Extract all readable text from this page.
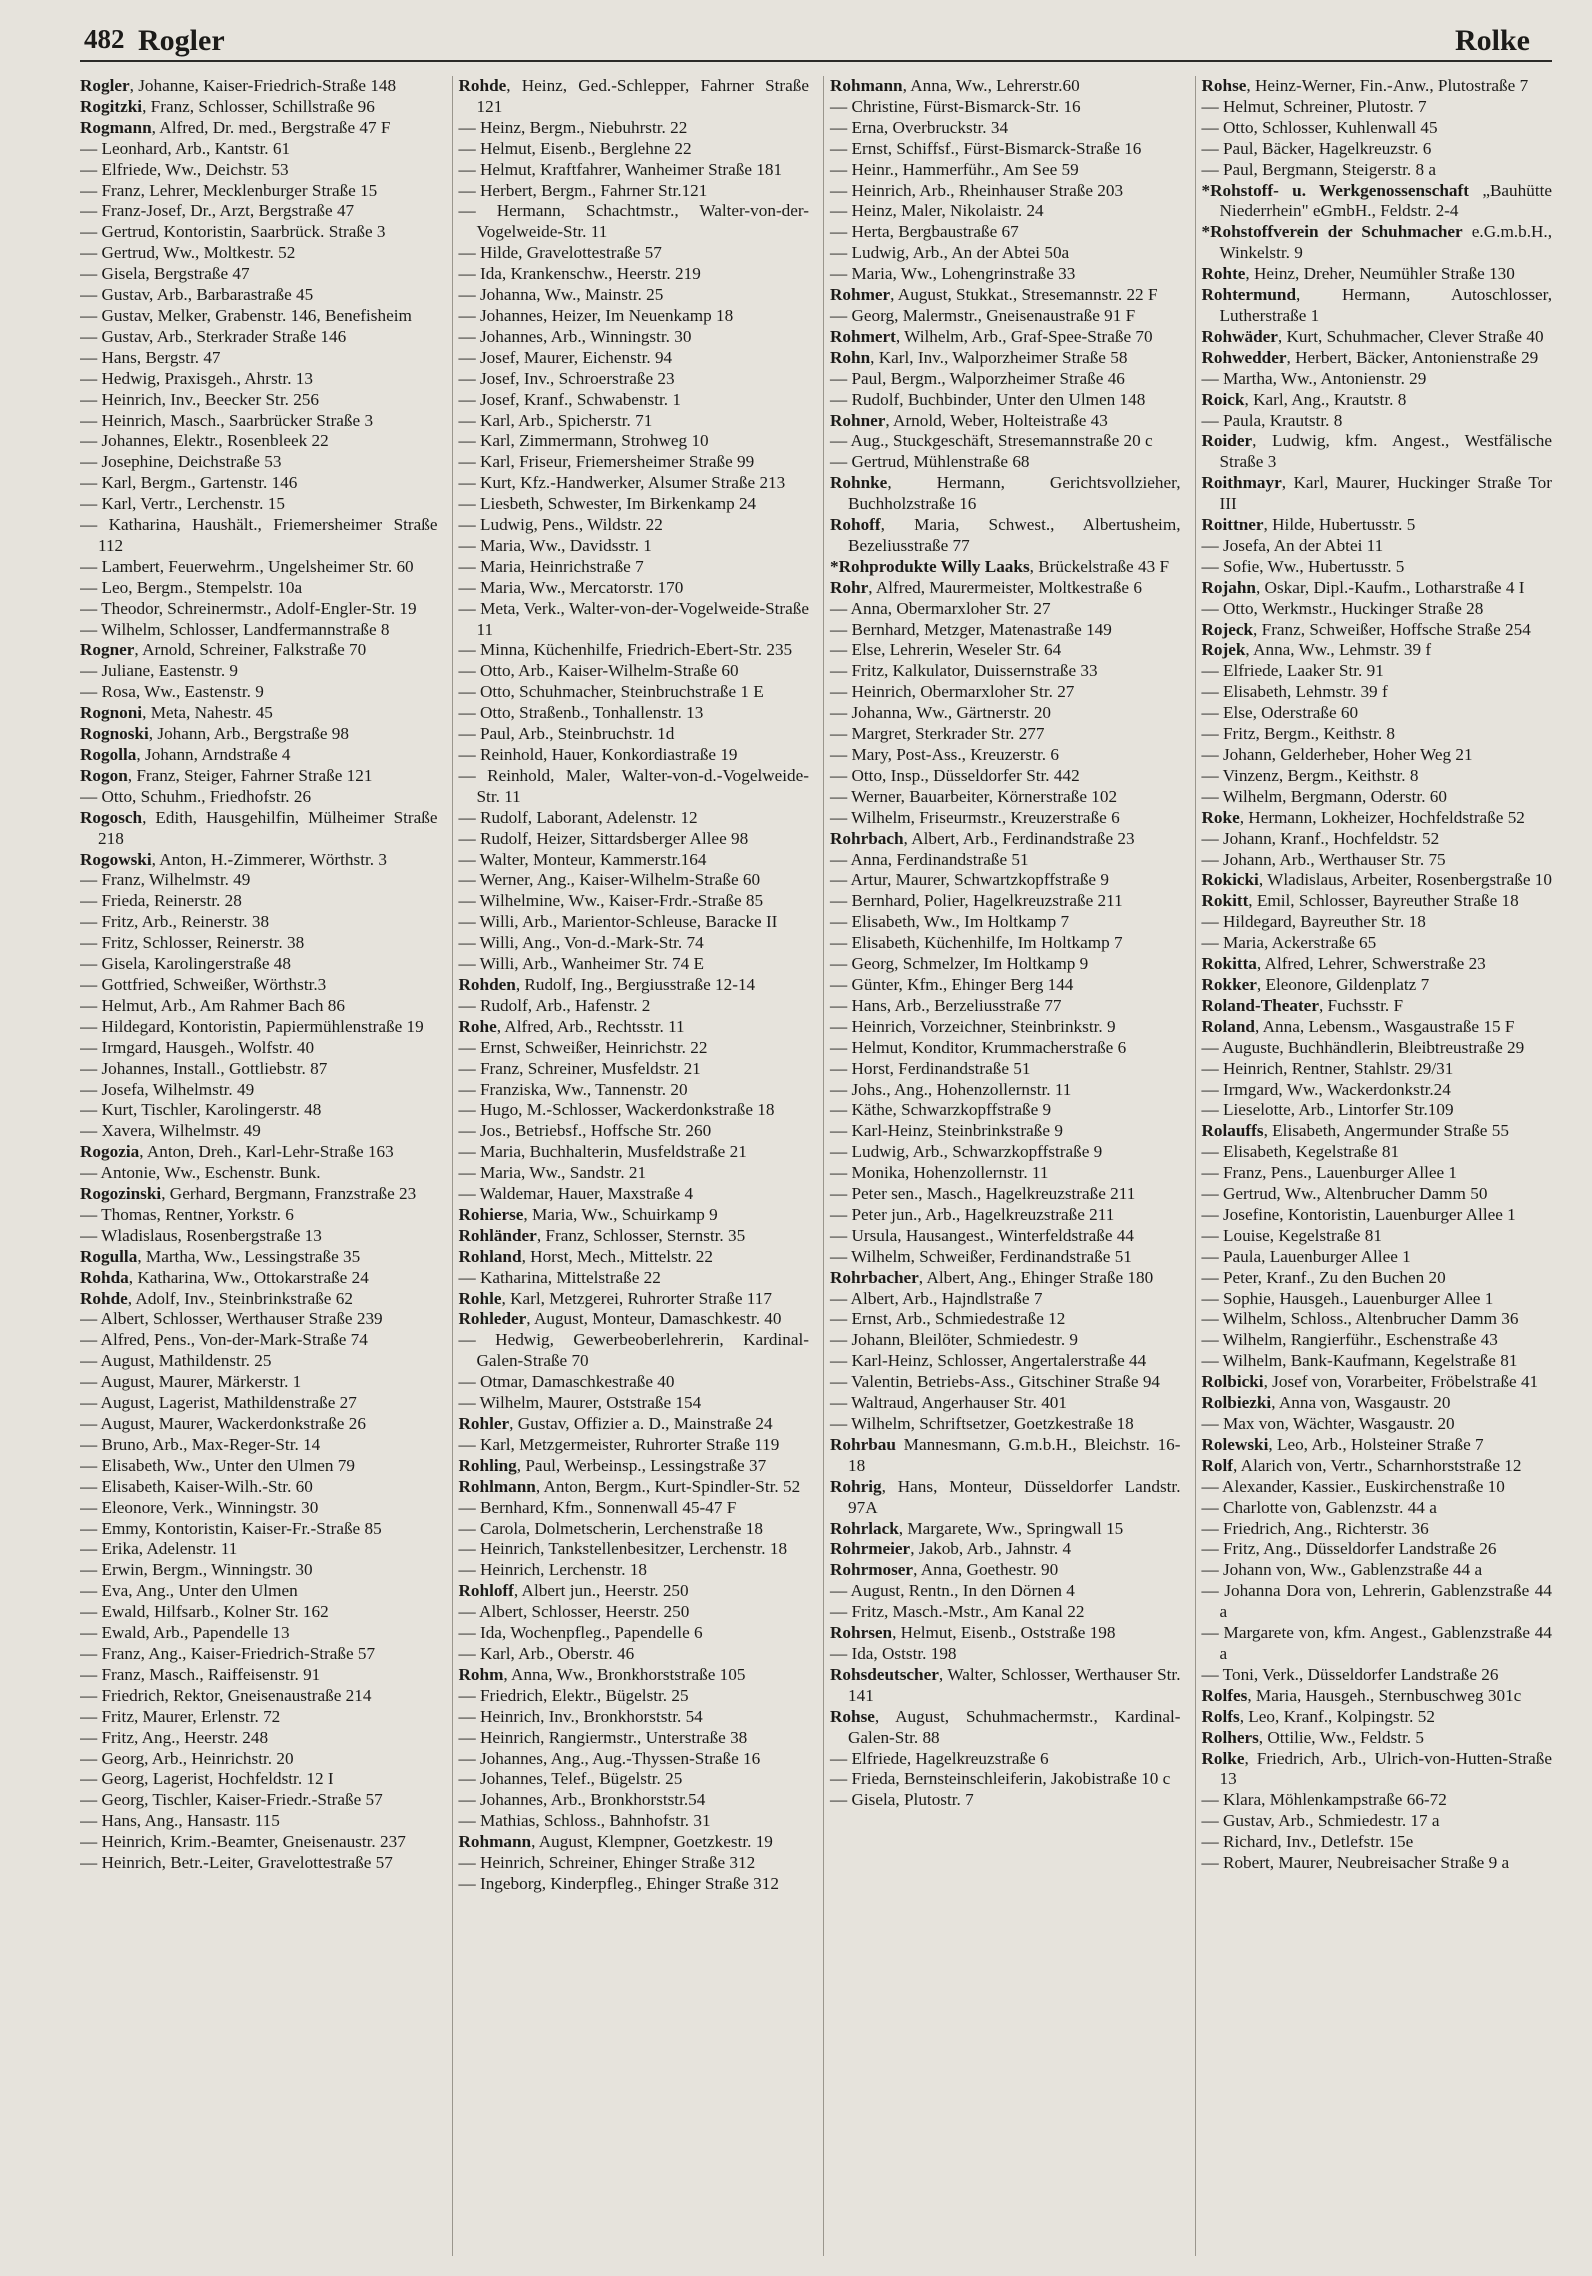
482 Rogler	Rolke
Rogler, Johanne, Kaiser-Friedrich-Straße 148
Rogitzki, Franz, Schlosser, Schillstraße 96
Rogmann, Alfred, Dr. med., Bergstraße 47 F
— Leonhard, Arb., Kantstr. 61
— Elfriede, Ww., Deichstr. 53
— Franz, Lehrer, Mecklenburger Straße 15
— Franz-Josef, Dr., Arzt, Bergstraße 47
— Gertrud, Kontoristin, Saarbrück. Straße 3
— Gertrud, Ww., Moltkestr. 52
— Gisela, Bergstraße 47
— Gustav, Arb., Barbarastraße 45
— Gustav, Melker, Grabenstr. 146, Benefisheim
— Gustav, Arb., Sterkrader Straße 146
— Hans, Bergstr. 47
— Hedwig, Praxisgeh., Ahrstr. 13
— Heinrich, Inv., Beecker Str. 256
— Heinrich, Masch., Saarbrücker Straße 3
— Johannes, Elektr., Rosenbleek 22
— Josephine, Deichstraße 53
— Karl, Bergm., Gartenstr. 146
— Karl, Vertr., Lerchenstr. 15
— Katharina, Haushält., Friemersheimer Straße 112
— Lambert, Feuerwehrm., Ungelsheimer Str. 60
— Leo, Bergm., Stempelstr. 10a
— Theodor, Schreinermstr., Adolf-Engler-Str. 19
— Wilhelm, Schlosser, Landfermannstraße 8
Rogner, Arnold, Schreiner, Falkstraße 70
— Juliane, Eastenstr. 9
— Rosa, Ww., Eastenstr. 9
Rognoni, Meta, Nahestr. 45
Rognoski, Johann, Arb., Bergstraße 98
Rogolla, Johann, Arndstraße 4
Rogon, Franz, Steiger, Fahrner Straße 121
— Otto, Schuhm., Friedhofstr. 26
Rogosch, Edith, Hausgehilfin, Mülheimer Straße 218
Rogowski, Anton, H.-Zimmerer, Wörthstr. 3
— Franz, Wilhelmstr. 49
— Frieda, Reinerstr. 28
— Fritz, Arb., Reinerstr. 38
— Fritz, Schlosser, Reinerstr. 38
— Gisela, Karolingerstraße 48
— Gottfried, Schweißer, Wörthstr.3
— Helmut, Arb., Am Rahmer Bach 86
— Hildegard, Kontoristin, Papiermühlenstraße 19
— Irmgard, Hausgeh., Wolfstr. 40
— Johannes, Install., Gottliebstr. 87
— Josefa, Wilhelmstr. 49
— Kurt, Tischler, Karolingerstr. 48
— Xavera, Wilhelmstr. 49
Rogozia, Anton, Dreh., Karl-Lehr-Straße 163
— Antonie, Ww., Eschenstr. Bunk.
Rogozinski, Gerhard, Bergmann, Franzstraße 23
— Thomas, Rentner, Yorkstr. 6
— Wladislaus, Rosenbergstraße 13
Rogulla, Martha, Ww., Lessingstraße 35
Rohda, Katharina, Ww., Ottokarstraße 24
Rohde, Adolf, Inv., Steinbrinkstraße 62
— Albert, Schlosser, Werthauser Straße 239
— Alfred, Pens., Von-der-Mark-Straße 74
— August, Mathildenstr. 25
— August, Maurer, Märkerstr. 1
— August, Lagerist, Mathildenstraße 27
— August, Maurer, Wackerdonkstraße 26
— Bruno, Arb., Max-Reger-Str. 14
— Elisabeth, Ww., Unter den Ulmen 79
— Elisabeth, Kaiser-Wilh.-Str. 60
— Eleonore, Verk., Winningstr. 30
— Emmy, Kontoristin, Kaiser-Fr.-Straße 85
— Erika, Adelenstr. 11
— Erwin, Bergm., Winningstr. 30
— Eva, Ang., Unter den Ulmen
— Ewald, Hilfsarb., Kolner Str. 162
— Ewald, Arb., Papendelle 13
— Franz, Ang., Kaiser-Friedrich-Straße 57
— Franz, Masch., Raiffeisenstr. 91
— Friedrich, Rektor, Gneisenaustraße 214
— Fritz, Maurer, Erlenstr. 72
— Fritz, Ang., Heerstr. 248
— Georg, Arb., Heinrichstr. 20
— Georg, Lagerist, Hochfeldstr. 12 I
— Georg, Tischler, Kaiser-Friedr.-Straße 57
— Hans, Ang., Hansastr. 115
— Heinrich, Krim.-Beamter, Gneisenaustr. 237
— Heinrich, Betr.-Leiter, Gravelottestraße 57
Rohde, Heinz, Ged.-Schlepper, Fahrner Straße 121
— Heinz, Bergm., Niebuhrstr. 22
— Helmut, Eisenb., Berglehne 22
— Helmut, Kraftfahrer, Wanheimer Straße 181
— Herbert, Bergm., Fahrner Str.121
— Hermann, Schachtmstr., Walter-von-der-Vogelweide-Str. 11
— Hilde, Gravelottestraße 57
— Ida, Krankenschw., Heerstr. 219
— Johanna, Ww., Mainstr. 25
— Johannes, Heizer, Im Neuenkamp 18
— Johannes, Arb., Winningstr. 30
— Josef, Maurer, Eichenstr. 94
— Josef, Inv., Schroerstraße 23
— Josef, Kranf., Schwabenstr. 1
— Karl, Arb., Spicherstr. 71
— Karl, Zimmermann, Strohweg 10
— Karl, Friseur, Friemersheimer Straße 99
— Kurt, Kfz.-Handwerker, Alsumer Straße 213
— Liesbeth, Schwester, Im Birkenkamp 24
— Ludwig, Pens., Wildstr. 22
— Maria, Ww., Davidsstr. 1
— Maria, Heinrichstraße 7
— Maria, Ww., Mercatorstr. 170
— Meta, Verk., Walter-von-der-Vogelweide-Straße 11
— Minna, Küchenhilfe, Friedrich-Ebert-Str. 235
— Otto, Arb., Kaiser-Wilhelm-Straße 60
— Otto, Schuhmacher, Steinbruchstraße 1 E
— Otto, Straßenb., Tonhallenstr. 13
— Paul, Arb., Steinbruchstr. 1d
— Reinhold, Hauer, Konkordiastraße 19
— Reinhold, Maler, Walter-von-d.-Vogelweide-Str. 11
— Rudolf, Laborant, Adelenstr. 12
— Rudolf, Heizer, Sittardsberger Allee 98
— Walter, Monteur, Kammerstr.164
— Werner, Ang., Kaiser-Wilhelm-Straße 60
— Wilhelmine, Ww., Kaiser-Frdr.-Straße 85
— Willi, Arb., Marientor-Schleuse, Baracke II
— Willi, Ang., Von-d.-Mark-Str. 74
— Willi, Arb., Wanheimer Str. 74 E
Rohden, Rudolf, Ing., Bergiusstraße 12-14
— Rudolf, Arb., Hafenstr. 2
Rohe, Alfred, Arb., Rechtsstr. 11
— Ernst, Schweißer, Heinrichstr. 22
— Franz, Schreiner, Musfeldstr. 21
— Franziska, Ww., Tannenstr. 20
— Hugo, M.-Schlosser, Wackerdonkstraße 18
— Jos., Betriebsf., Hoffsche Str. 260
— Maria, Buchhalterin, Musfeldstraße 21
— Maria, Ww., Sandstr. 21
— Waldemar, Hauer, Maxstraße 4
Rohierse, Maria, Ww., Schuirkamp 9
Rohländer, Franz, Schlosser, Sternstr. 35
Rohland, Horst, Mech., Mittelstr. 22
— Katharina, Mittelstraße 22
Rohle, Karl, Metzgerei, Ruhrorter Straße 117
Rohleder, August, Monteur, Damaschkestr. 40
— Hedwig, Gewerbeoberlehrerin, Kardinal-Galen-Straße 70
— Otmar, Damaschkestraße 40
— Wilhelm, Maurer, Oststraße 154
Rohler, Gustav, Offizier a. D., Mainstraße 24
— Karl, Metzgermeister, Ruhrorter Straße 119
Rohling, Paul, Werbeinsp., Lessingstraße 37
Rohlmann, Anton, Bergm., Kurt-Spindler-Str. 52
— Bernhard, Kfm., Sonnenwall 45-47 F
— Carola, Dolmetscherin, Lerchenstraße 18
— Heinrich, Tankstellenbesitzer, Lerchenstr. 18
— Heinrich, Lerchenstr. 18
Rohloff, Albert jun., Heerstr. 250
— Albert, Schlosser, Heerstr. 250
— Ida, Wochenpfleg., Papendelle 6
— Karl, Arb., Oberstr. 46
Rohm, Anna, Ww., Bronkhorststraße 105
— Friedrich, Elektr., Bügelstr. 25
— Heinrich, Inv., Bronkhorststr. 54
— Heinrich, Rangiermstr., Unterstraße 38
— Johannes, Ang., Aug.-Thyssen-Straße 16
— Johannes, Telef., Bügelstr. 25
— Johannes, Arb., Bronkhorststr.54
— Mathias, Schloss., Bahnhofstr. 31
Rohmann, August, Klempner, Goetzkestr. 19
— Heinrich, Schreiner, Ehinger Straße 312
— Ingeborg, Kinderpfleg., Ehinger Straße 312
Rohmann, Anna, Ww., Lehrerstr.60
— Christine, Fürst-Bismarck-Str. 16
— Erna, Overbruckstr. 34
— Ernst, Schiffsf., Fürst-Bismarck-Straße 16
— Heinr., Hammerführ., Am See 59
— Heinrich, Arb., Rheinhauser Straße 203
— Heinz, Maler, Nikolaistr. 24
— Herta, Bergbaustraße 67
— Ludwig, Arb., An der Abtei 50a
— Maria, Ww., Lohengrinstraße 33
Rohmer, August, Stukkat., Stresemannstr. 22 F
— Georg, Malermstr., Gneisenaustraße 91 F
Rohmert, Wilhelm, Arb., Graf-Spee-Straße 70
Rohn, Karl, Inv., Walporzheimer Straße 58
— Paul, Bergm., Walporzheimer Straße 46
— Rudolf, Buchbinder, Unter den Ulmen 148
Rohner, Arnold, Weber, Holteistraße 43
— Aug., Stuckgeschäft, Stresemannstraße 20 c
— Gertrud, Mühlenstraße 68
Rohnke, Hermann, Gerichtsvollzieher, Buchholzstraße 16
Rohoff, Maria, Schwest., Albertusheim, Bezeliusstraße 77
*Rohprodukte Willy Laaks, Brückelstraße 43 F
Rohr, Alfred, Maurermeister, Moltkestraße 6
— Anna, Obermarxloher Str. 27
— Bernhard, Metzger, Matenastraße 149
— Else, Lehrerin, Weseler Str. 64
— Fritz, Kalkulator, Duissernstraße 33
— Heinrich, Obermarxloher Str. 27
— Johanna, Ww., Gärtnerstr. 20
— Margret, Sterkrader Str. 277
— Mary, Post-Ass., Kreuzerstr. 6
— Otto, Insp., Düsseldorfer Str. 442
— Werner, Bauarbeiter, Körnerstraße 102
— Wilhelm, Friseurmstr., Kreuzerstraße 6
Rohrbach, Albert, Arb., Ferdinandstraße 23
— Anna, Ferdinandstraße 51
— Artur, Maurer, Schwartzkopffstraße 9
— Bernhard, Polier, Hagelkreuzstraße 211
— Elisabeth, Ww., Im Holtkamp 7
— Elisabeth, Küchenhilfe, Im Holtkamp 7
— Georg, Schmelzer, Im Holtkamp 9
— Günter, Kfm., Ehinger Berg 144
— Hans, Arb., Berzeliusstraße 77
— Heinrich, Vorzeichner, Steinbrinkstr. 9
— Helmut, Konditor, Krummacherstraße 6
— Horst, Ferdinandstraße 51
— Johs., Ang., Hohenzollernstr. 11
— Käthe, Schwarzkopffstraße 9
— Karl-Heinz, Steinbrinkstraße 9
— Ludwig, Arb., Schwarzkopffstraße 9
— Monika, Hohenzollernstr. 11
— Peter sen., Masch., Hagelkreuzstraße 211
— Peter jun., Arb., Hagelkreuzstraße 211
— Ursula, Hausangest., Winterfeldstraße 44
— Wilhelm, Schweißer, Ferdinandstraße 51
Rohrbacher, Albert, Ang., Ehinger Straße 180
— Albert, Arb., Hajndlstraße 7
— Ernst, Arb., Schmiedestraße 12
— Johann, Bleilöter, Schmiedestr. 9
— Karl-Heinz, Schlosser, Angertalerstraße 44
— Valentin, Betriebs-Ass., Gitschiner Straße 94
— Waltraud, Angerhauser Str. 401
— Wilhelm, Schriftsetzer, Goetzkestraße 18
Rohrbau Mannesmann, G.m.b.H., Bleichstr. 16-18
Rohrig, Hans, Monteur, Düsseldorfer Landstr. 97A
Rohrlack, Margarete, Ww., Springwall 15
Rohrmeier, Jakob, Arb., Jahnstr. 4
Rohrmoser, Anna, Goethestr. 90
— August, Rentn., In den Dörnen 4
— Fritz, Masch.-Mstr., Am Kanal 22
Rohrsen, Helmut, Eisenb., Oststraße 198
— Ida, Oststr. 198
Rohsdeutscher, Walter, Schlosser, Werthauser Str. 141
Rohse, August, Schuhmachermstr., Kardinal-Galen-Str. 88
— Elfriede, Hagelkreuzstraße 6
— Frieda, Bernsteinschleiferin, Jakobistraße 10 c
— Gisela, Plutostr. 7
Rohse, Heinz-Werner, Fin.-Anw., Plutostraße 7
— Helmut, Schreiner, Plutostr. 7
— Otto, Schlosser, Kuhlenwall 45
— Paul, Bäcker, Hagelkreuzstr. 6
— Paul, Bergmann, Steigerstr. 8 a
*Rohstoff- u. Werkgenossenschaft „Bauhütte Niederrhein" eGmbH., Feldstr. 2-4
*Rohstoffverein der Schuhmacher e.G.m.b.H., Winkelstr. 9
Rohte, Heinz, Dreher, Neumühler Straße 130
Rohtermund, Hermann, Autoschlosser, Lutherstraße 1
Rohwäder, Kurt, Schuhmacher, Clever Straße 40
Rohwedder, Herbert, Bäcker, Antonienstraße 29
— Martha, Ww., Antonienstr. 29
Roick, Karl, Ang., Krautstr. 8
— Paula, Krautstr. 8
Roider, Ludwig, kfm. Angest., Westfälische Straße 3
Roithmayr, Karl, Maurer, Huckinger Straße Tor III
Roittner, Hilde, Hubertusstr. 5
— Josefa, An der Abtei 11
— Sofie, Ww., Hubertusstr. 5
Rojahn, Oskar, Dipl.-Kaufm., Lotharstraße 4 I
— Otto, Werkmstr., Huckinger Straße 28
Rojeck, Franz, Schweißer, Hoffsche Straße 254
Rojek, Anna, Ww., Lehmstr. 39 f
— Elfriede, Laaker Str. 91
— Elisabeth, Lehmstr. 39 f
— Else, Oderstraße 60
— Fritz, Bergm., Keithstr. 8
— Johann, Gelderheber, Hoher Weg 21
— Vinzenz, Bergm., Keithstr. 8
— Wilhelm, Bergmann, Oderstr. 60
Roke, Hermann, Lokheizer, Hochfeldstraße 52
— Johann, Kranf., Hochfeldstr. 52
— Johann, Arb., Werthauser Str. 75
Rokicki, Wladislaus, Arbeiter, Rosenbergstraße 10
Rokitt, Emil, Schlosser, Bayreuther Straße 18
— Hildegard, Bayreuther Str. 18
— Maria, Ackerstraße 65
Rokitta, Alfred, Lehrer, Schwerstraße 23
Rokker, Eleonore, Gildenplatz 7
Roland-Theater, Fuchsstr. F
Roland, Anna, Lebensm., Wasgaustraße 15 F
— Auguste, Buchhändlerin, Bleibtreustraße 29
— Heinrich, Rentner, Stahlstr. 29/31
— Irmgard, Ww., Wackerdonkstr.24
— Lieselotte, Arb., Lintorfer Str.109
Rolauffs, Elisabeth, Angermunder Straße 55
— Elisabeth, Kegelstraße 81
— Franz, Pens., Lauenburger Allee 1
— Gertrud, Ww., Altenbrucher Damm 50
— Josefine, Kontoristin, Lauenburger Allee 1
— Louise, Kegelstraße 81
— Paula, Lauenburger Allee 1
— Peter, Kranf., Zu den Buchen 20
— Sophie, Hausgeh., Lauenburger Allee 1
— Wilhelm, Schloss., Altenbrucher Damm 36
— Wilhelm, Rangierführ., Eschenstraße 43
— Wilhelm, Bank-Kaufmann, Kegelstraße 81
Rolbicki, Josef von, Vorarbeiter, Fröbelstraße 41
Rolbiezki, Anna von, Wasgaustr. 20
— Max von, Wächter, Wasgaustr. 20
Rolewski, Leo, Arb., Holsteiner Straße 7
Rolf, Alarich von, Vertr., Scharnhorststraße 12
— Alexander, Kassier., Euskirchenstraße 10
— Charlotte von, Gablenzstr. 44 a
— Friedrich, Ang., Richterstr. 36
— Fritz, Ang., Düsseldorfer Landstraße 26
— Johann von, Ww., Gablenzstraße 44 a
— Johanna Dora von, Lehrerin, Gablenzstraße 44 a
— Margarete von, kfm. Angest., Gablenzstraße 44 a
— Toni, Verk., Düsseldorfer Landstraße 26
Rolfes, Maria, Hausgeh., Sternbuschweg 301c
Rolfs, Leo, Kranf., Kolpingstr. 52
Rolhers, Ottilie, Ww., Feldstr. 5
Rolke, Friedrich, Arb., Ulrich-von-Hutten-Straße 13
— Klara, Möhlenkampstraße 66-72
— Gustav, Arb., Schmiedestr. 17 a
— Richard, Inv., Detlefstr. 15e
— Robert, Maurer, Neubreisacher Straße 9 a
